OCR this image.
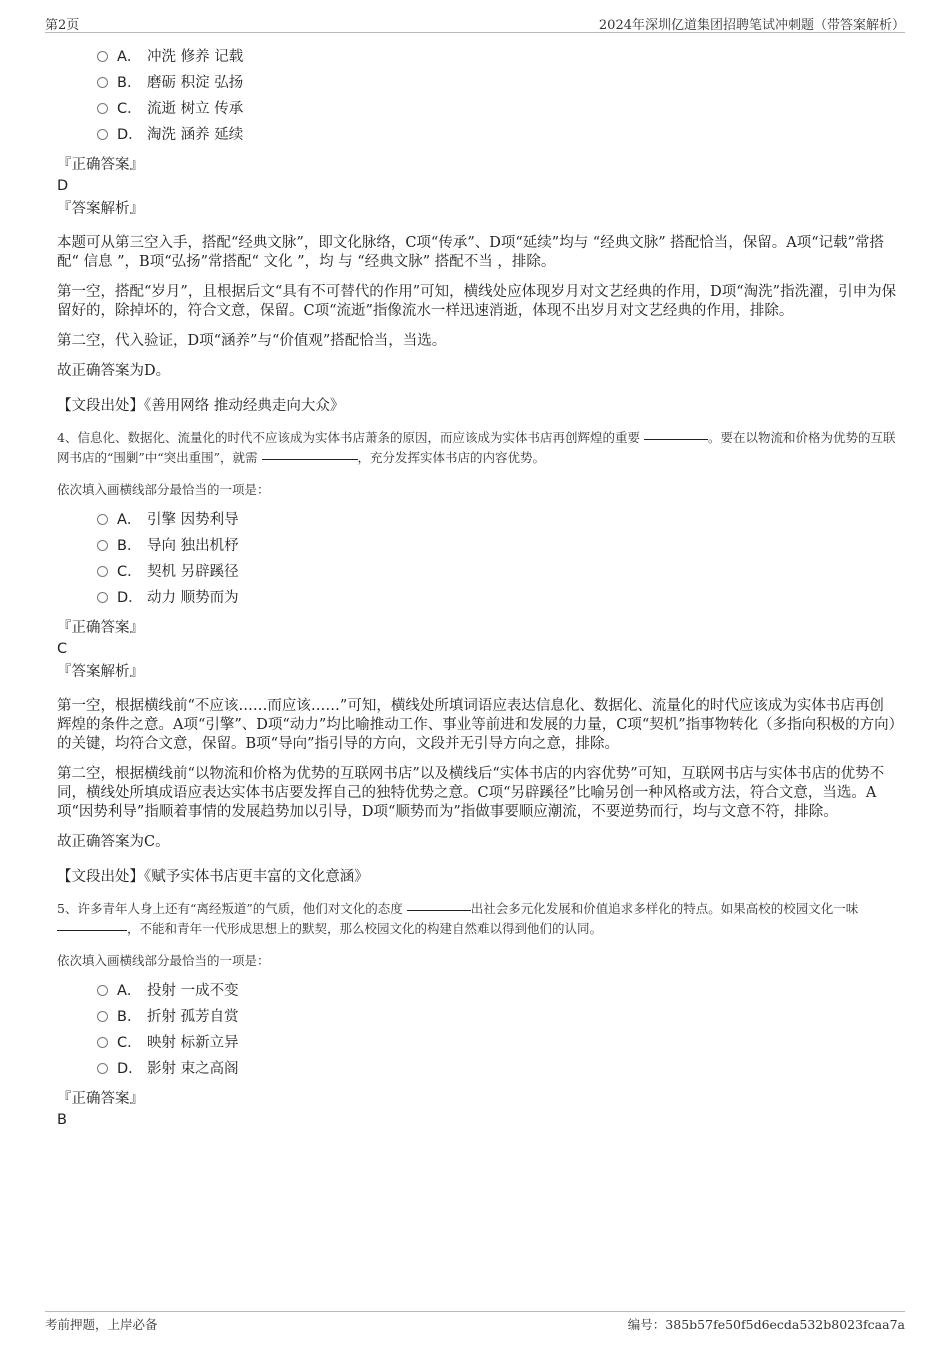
第2页	2024年深圳亿道集团招聘笔试冲刺题（带答案解析）
A． 冲洗 修养 记载
B． 磨砺 积淀 弘扬
C． 流逝 树立 传承
D． 淘洗 涵养 延续
『正确答案』
D
『答案解析』

本题可从第三空入手，搭配“经典文脉”，即文化脉络，C项“传承”、D项“延续”均与 “经典文脉” 搭配恰当，保留。A项“记载”常搭配“ 信息 ”，B项“弘扬”常搭配“ 文化 ”，均 与 “经典文脉” 搭配不当 ，排除。

第一空，搭配“岁月”，且根据后文“具有不可替代的作用”可知，横线处应体现岁月对文艺经典的作用，D项“淘洗”指洗濯，引申为保留好的，除掉坏的，符合文意，保留。C项“流逝”指像流水一样迅速消逝，体现不出岁月对文艺经典的作用，排除。

第二空，代入验证，D项“涵养”与“价值观”搭配恰当，当选。

故正确答案为D。

【文段出处】《善用网络 推动经典走向大众》
4、信息化、数据化、流量化的时代不应该成为实体书店萧条的原因，而应该成为实体书店再创辉煌的重要	。要在以物流和价格为优势的互联网书店的“围剿”中“突出重围”，就需	，充分发挥实体书店的内容优势。
依次填入画横线部分最恰当的一项是：
A． 引擎 因势利导
B． 导向 独出机杼
C． 契机 另辟蹊径
D． 动力 顺势而为
『正确答案』
C
『答案解析』

第一空，根据横线前“不应该……而应该……”可知，横线处所填词语应表达信息化、数据化、流量化的时代应该成为实体书店再创辉煌的条件之意。A项“引擎”、D项“动力”均比喻推动工作、事业等前进和发展的力量，C项“契机”指事物转化（多指向积极的方向）的关键，均符合文意，保留。B项“导向”指引导的方向，文段并无引导方向之意，排除。

第二空，根据横线前“以物流和价格为优势的互联网书店”以及横线后“实体书店的内容优势”可知，互联网书店与实体书店的优势不同，横线处所填成语应表达实体书店要发挥自己的独特优势之意。C项“另辟蹊径”比喻另创一种风格或方法，符合文意，当选。A项“因势利导”指顺着事情的发展趋势加以引导，D项“顺势而为”指做事要顺应潮流，不要逆势而行，均与文意不符，排除。

故正确答案为C。

【文段出处】《赋予实体书店更丰富的文化意涵》
5、许多青年人身上还有“离经叛道”的气质，他们对文化的态度	出社会多元化发展和价值追求多样化的特点。如果高校的校园文化一味 ，不能和青年一代形成思想上的默契，那么校园文化的构建自然难以得到他们的认同。
依次填入画横线部分最恰当的一项是：
A． 投射 一成不变
B． 折射 孤芳自赏
C． 映射 标新立异
D． 影射 束之高阁
『正确答案』
B
考前押题，上岸必备	编号：385b57fe50f5d6ecda532b8023fcaa7a
